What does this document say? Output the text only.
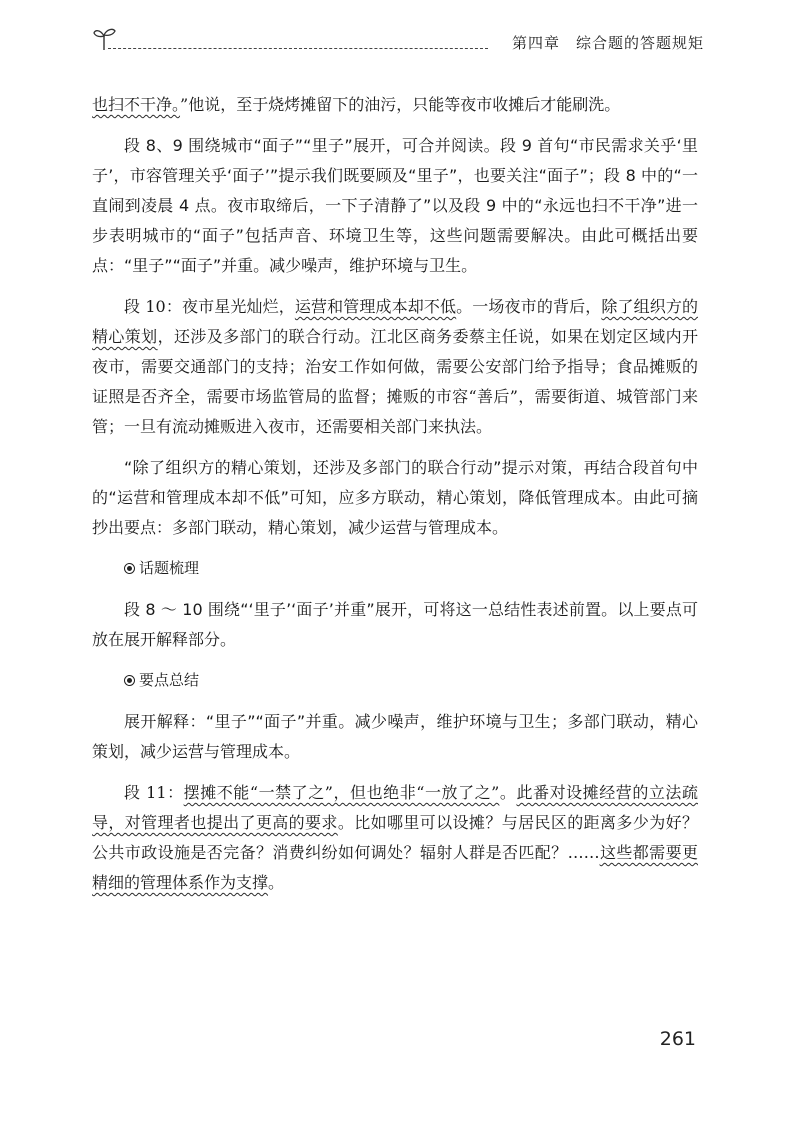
第四章 综合题的答题规矩

也扫不干净。”他说，至于烧烤摊留下的油污，只能等夜市收摊后才能刷洗。

段 8、9 围绕城市“面子”“里子”展开，可合并阅读。段 9 首句“市民需求关乎‘里子’，市容管理关乎‘面子’”提示我们既要顾及“里子”，也要关注“面子”；段 8 中的“一直闹到凌晨 4 点。夜市取缔后，一下子清静了”以及段 9 中的“永远也扫不干净”进一步表明城市的“面子”包括声音、环境卫生等，这些问题需要解决。由此可概括出要点：“里子”“面子”并重。减少噪声，维护环境与卫生。

段 10：夜市星光灿烂，运营和管理成本却不低。一场夜市的背后，除了组织方的精心策划，还涉及多部门的联合行动。江北区商务委蔡主任说，如果在划定区域内开夜市，需要交通部门的支持；治安工作如何做，需要公安部门给予指导；食品摊贩的证照是否齐全，需要市场监管局的监督；摊贩的市容“善后”，需要街道、城管部门来管；一旦有流动摊贩进入夜市，还需要相关部门来执法。

“除了组织方的精心策划，还涉及多部门的联合行动”提示对策，再结合段首句中的“运营和管理成本却不低”可知，应多方联动，精心策划，降低管理成本。由此可摘抄出要点：多部门联动，精心策划，减少运营与管理成本。

话题梳理

段 8 ～ 10 围绕“‘里子’‘面子’并重”展开，可将这一总结性表述前置。以上要点可放在展开解释部分。

要点总结

展开解释：“里子”“面子”并重。减少噪声，维护环境与卫生；多部门联动，精心策划，减少运营与管理成本。

段 11：摆摊不能“一禁了之”，但也绝非“一放了之”。此番对设摊经营的立法疏导，对管理者也提出了更高的要求。比如哪里可以设摊？与居民区的距离多少为好？公共市政设施是否完备？消费纠纷如何调处？辐射人群是否匹配？……这些都需要更精细的管理体系作为支撑。

261
